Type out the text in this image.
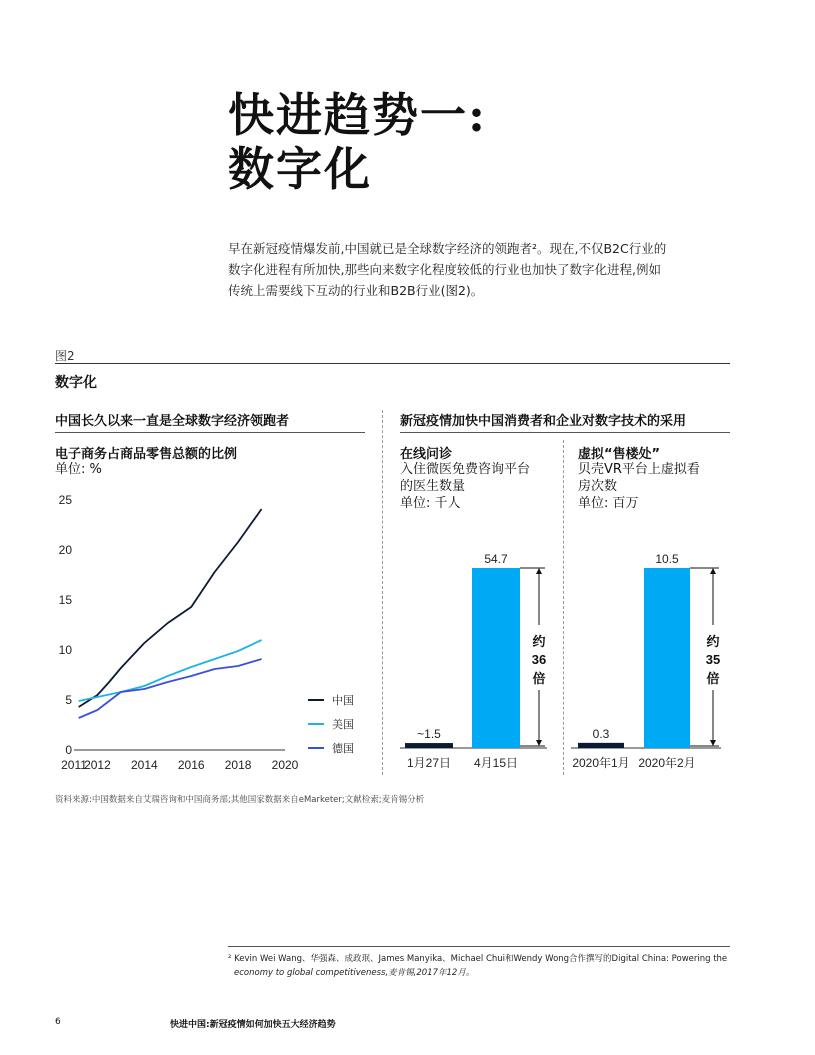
快进趋势一:
数字化
早在新冠疫情爆发前,中国就已是全球数字经济的领跑者²。现在,不仅B2C行业的
数字化进程有所加快,那些向来数字化程度较低的行业也加快了数字化进程,例如
传统上需要线下互动的行业和B2B行业(图2)。
图2
数字化
中国长久以来一直是全球数字经济领跑者	新冠疫情加快中国消费者和企业对数字技术的采用
电子商务占商品零售总额的比例
单位: %
在线问诊
入住微医免费咨询平台
的医生数量
单位: 千人
虚拟“售楼处”
贝壳VR平台上虚拟看
房次数
单位: 百万
0
5
10
15
20
25
2011
2012 2014 2016 2018 2020
中国
美国
德国
~1.5
1月27日
54.7
4月15日
约
36
倍
0.3
2020年1月
10.5
2020年2月
约
35
倍
资料来源:中国数据来自艾瑞咨询和中国商务部;其他国家数据来自eMarketer;文献检索;麦肯锡分析
² Kevin Wei Wang、华强森、成政珉、James Manyika、Michael Chui和Wendy Wong合作撰写的Digital China: Powering the
economy to global competitiveness,麦肯锡,2017年12月。
6	快进中国:新冠疫情如何加快五大经济趋势
